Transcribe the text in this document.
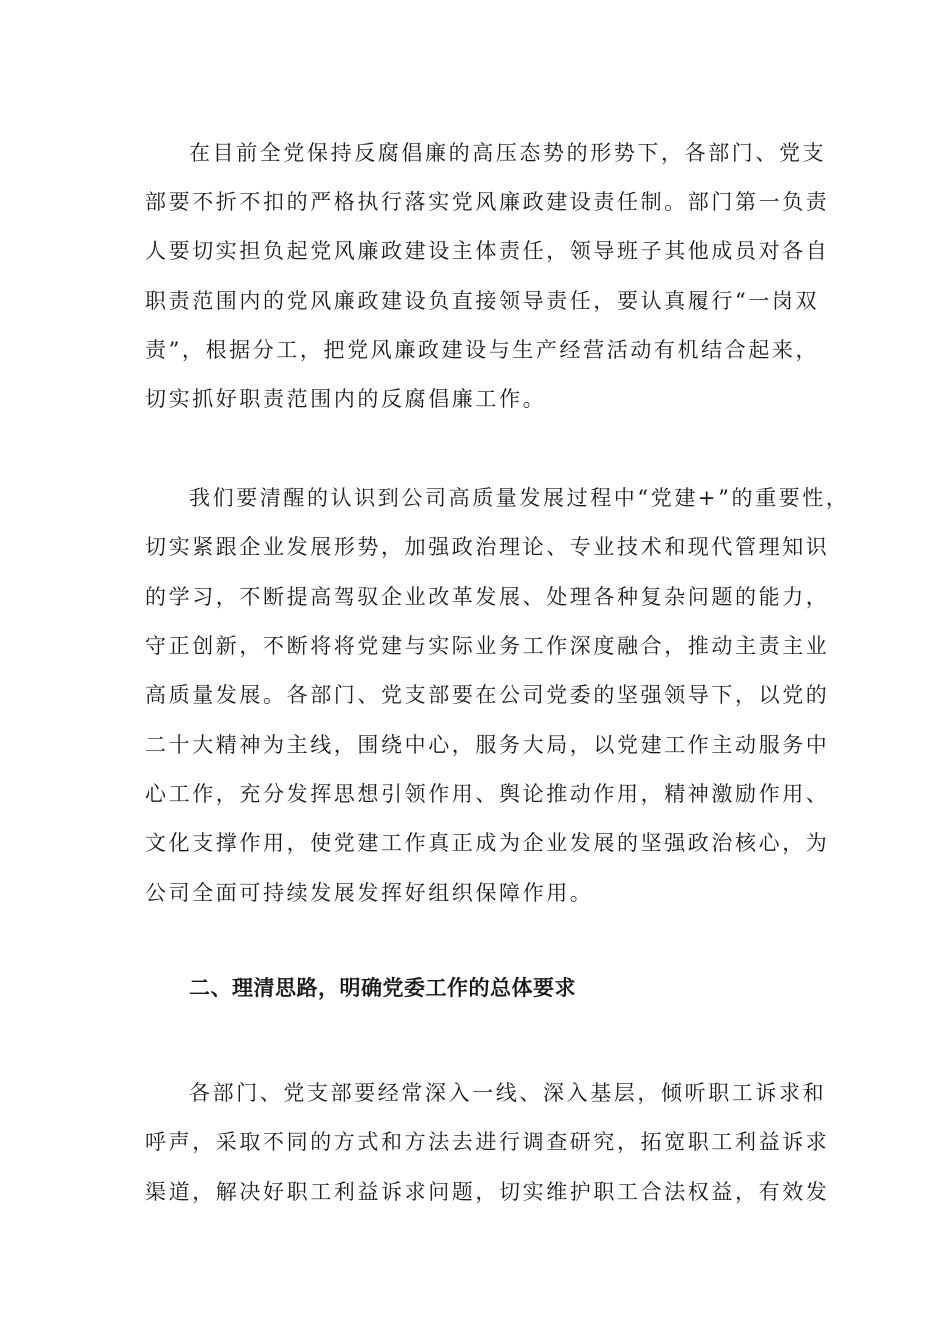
在目前全党保持反腐倡廉的高压态势的形势下，各部门、党支
部要不折不扣的严格执行落实党风廉政建设责任制。部门第一负责
人要切实担负起党风廉政建设主体责任，领导班子其他成员对各自
职责范围内的党风廉政建设负直接领导责任，要认真履行“一岗双
责”，根据分工，把党风廉政建设与生产经营活动有机结合起来，
切实抓好职责范围内的反腐倡廉工作。
我们要清醒的认识到公司高质量发展过程中“党建+”的重要性，
切实紧跟企业发展形势，加强政治理论、专业技术和现代管理知识
的学习，不断提高驾驭企业改革发展、处理各种复杂问题的能力，
守正创新，不断将将党建与实际业务工作深度融合，推动主责主业
高质量发展。各部门、党支部要在公司党委的坚强领导下，以党的
二十大精神为主线，围绕中心，服务大局，以党建工作主动服务中
心工作，充分发挥思想引领作用、舆论推动作用，精神激励作用、
文化支撑作用，使党建工作真正成为企业发展的坚强政治核心，为
公司全面可持续发展发挥好组织保障作用。
二、理清思路，明确党委工作的总体要求
各部门、党支部要经常深入一线、深入基层，倾听职工诉求和
呼声，采取不同的方式和方法去进行调查研究，拓宽职工利益诉求
渠道，解决好职工利益诉求问题，切实维护职工合法权益，有效发
